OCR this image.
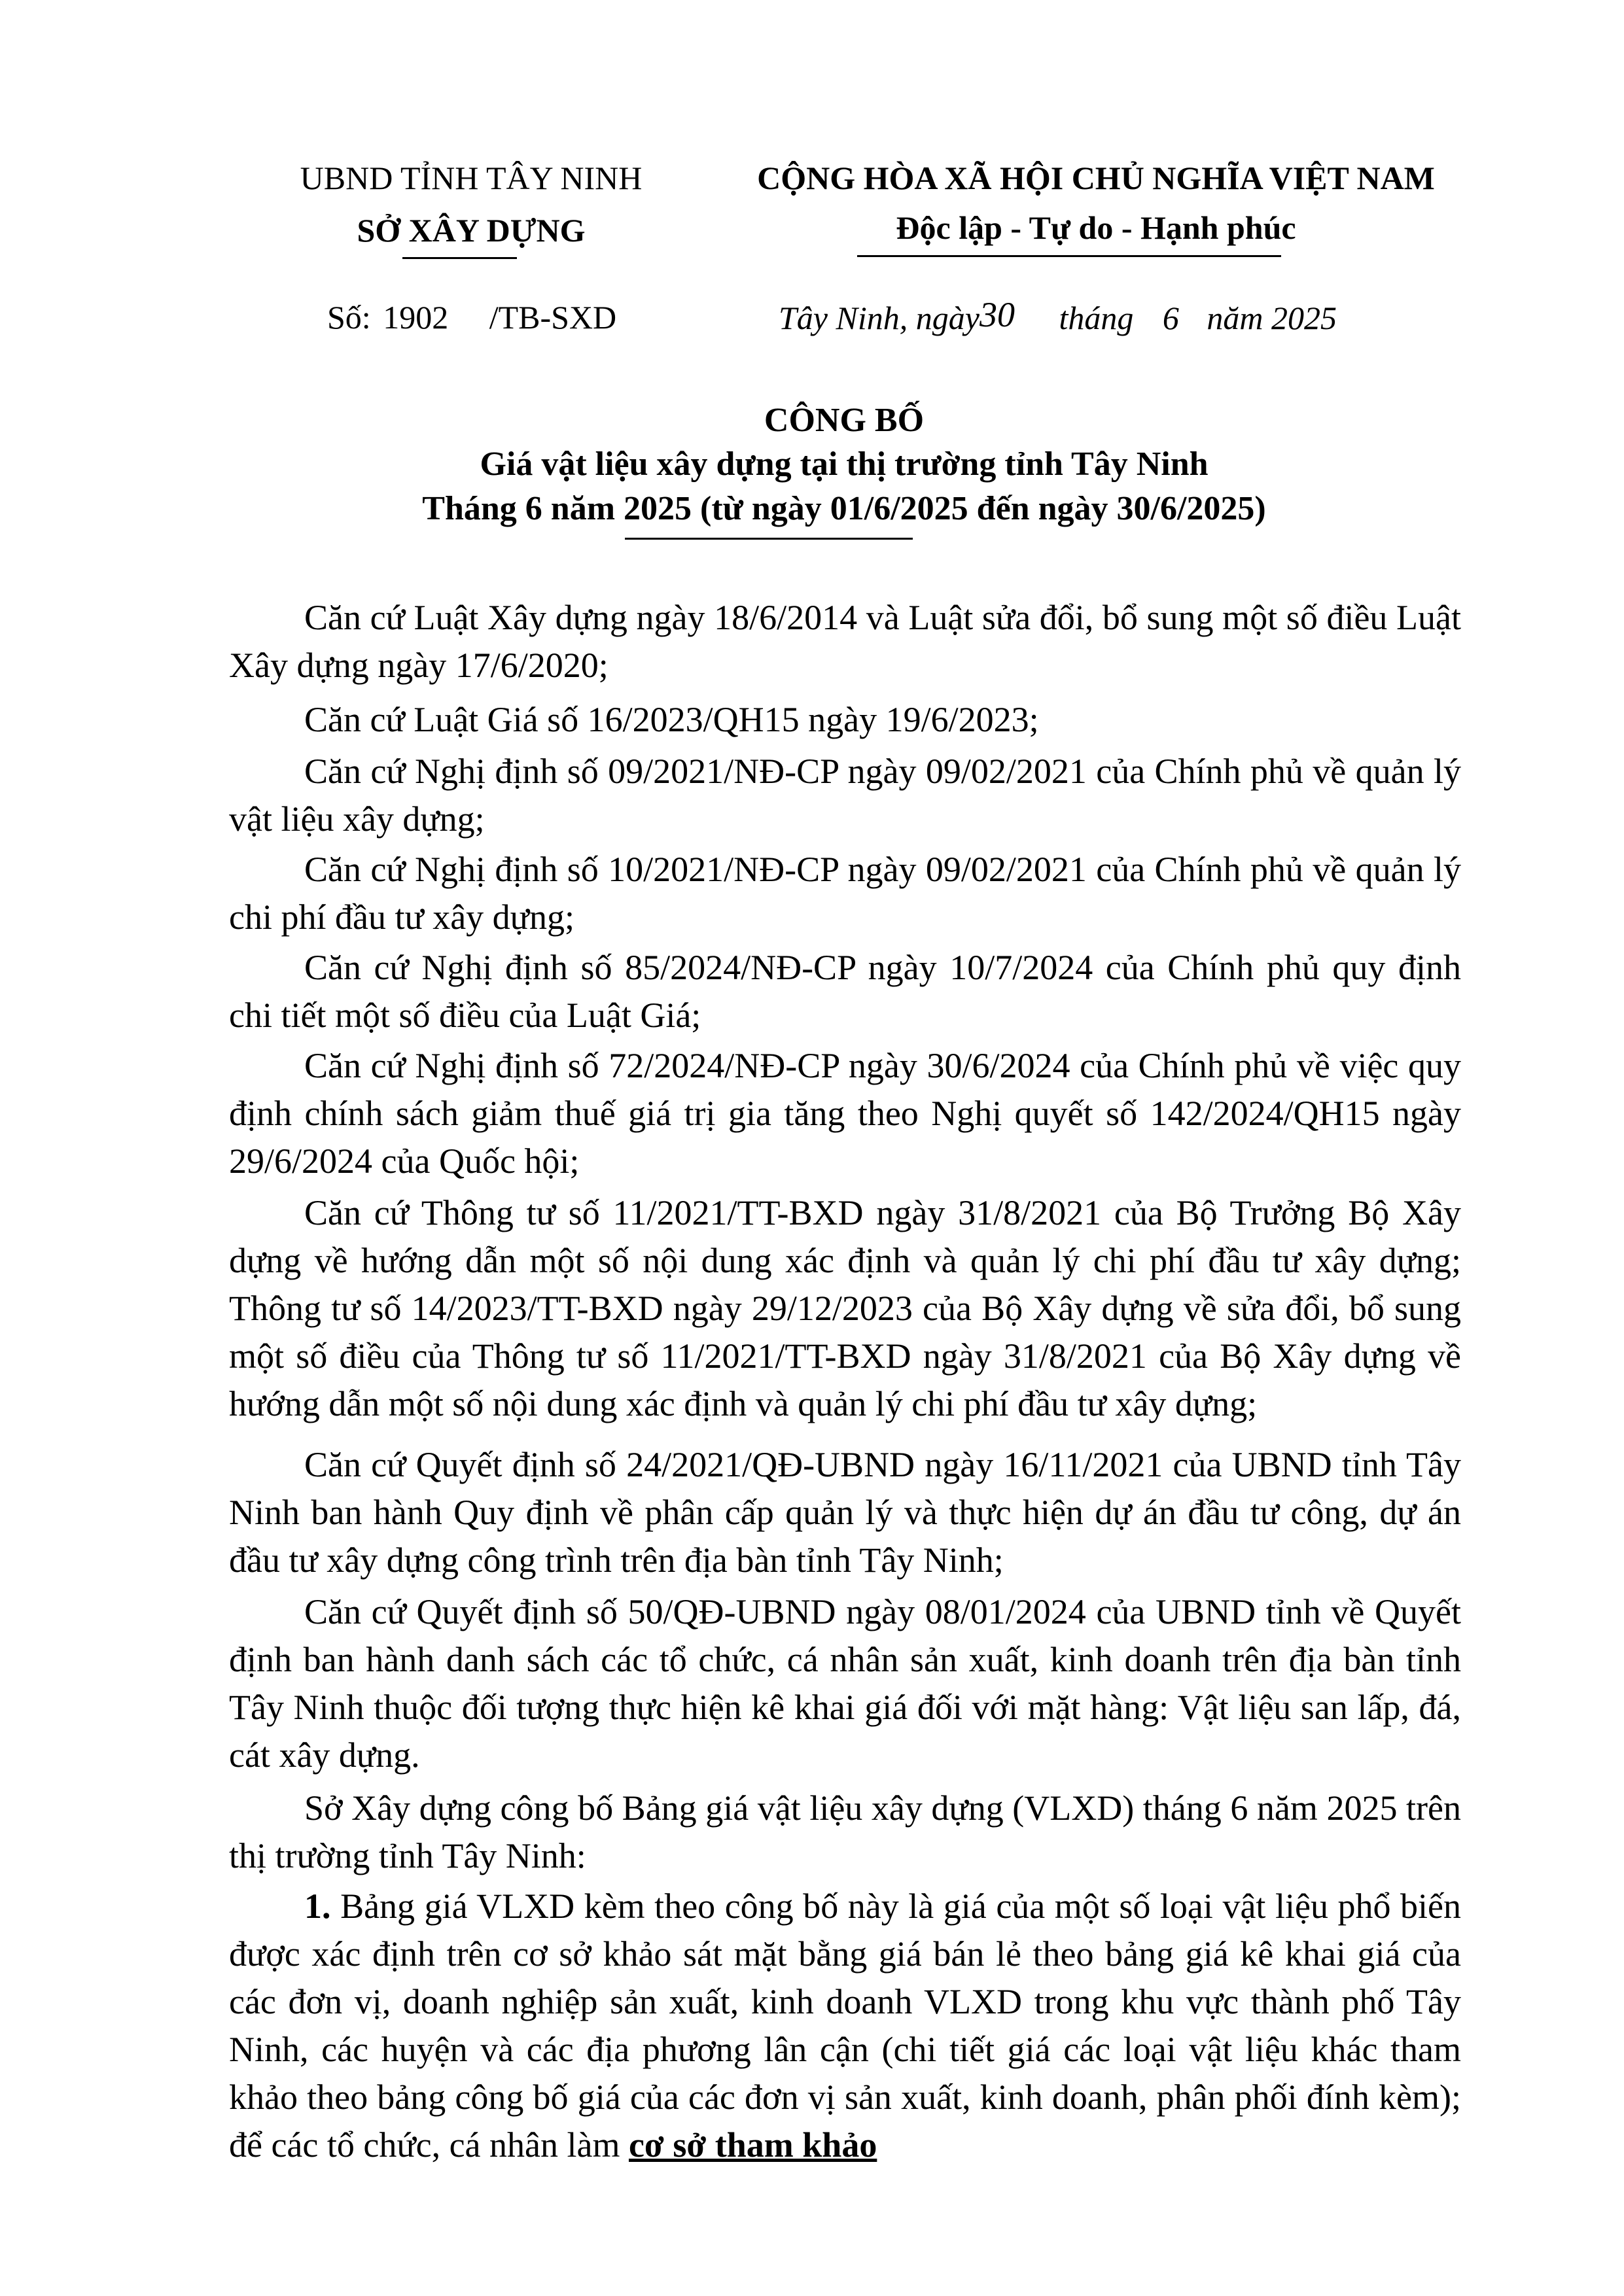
UBND TỈNH TÂY NINH
SỞ XÂY DỰNG
CỘNG HÒA XÃ HỘI CHỦ NGHĨA VIỆT NAM
Độc lập - Tự do - Hạnh phúc
Số: 1902 /TB-SXD	Tây Ninh, ngày30 tháng 6 năm 2025
CÔNG BỐ
Giá vật liệu xây dựng tại thị trường tỉnh Tây Ninh
Tháng 6 năm 2025 (từ ngày 01/6/2025 đến ngày 30/6/2025)
Căn cứ Luật Xây dựng ngày 18/6/2014 và Luật sửa đổi, bổ sung một số điều Luật Xây dựng ngày 17/6/2020;
Căn cứ Luật Giá số 16/2023/QH15 ngày 19/6/2023;
Căn cứ Nghị định số 09/2021/NĐ-CP ngày 09/02/2021 của Chính phủ về quản lý vật liệu xây dựng;
Căn cứ Nghị định số 10/2021/NĐ-CP ngày 09/02/2021 của Chính phủ về quản lý chi phí đầu tư xây dựng;
Căn cứ Nghị định số 85/2024/NĐ-CP ngày 10/7/2024 của Chính phủ quy định chi tiết một số điều của Luật Giá;
Căn cứ Nghị định số 72/2024/NĐ-CP ngày 30/6/2024 của Chính phủ về việc quy định chính sách giảm thuế giá trị gia tăng theo Nghị quyết số 142/2024/QH15 ngày 29/6/2024 của Quốc hội;
Căn cứ Thông tư số 11/2021/TT-BXD ngày 31/8/2021 của Bộ Trưởng Bộ Xây dựng về hướng dẫn một số nội dung xác định và quản lý chi phí đầu tư xây dựng; Thông tư số 14/2023/TT-BXD ngày 29/12/2023 của Bộ Xây dựng về sửa đổi, bổ sung một số điều của Thông tư số 11/2021/TT-BXD ngày 31/8/2021 của Bộ Xây dựng về hướng dẫn một số nội dung xác định và quản lý chi phí đầu tư xây dựng;
Căn cứ Quyết định số 24/2021/QĐ-UBND ngày 16/11/2021 của UBND tỉnh Tây Ninh ban hành Quy định về phân cấp quản lý và thực hiện dự án đầu tư công, dự án đầu tư xây dựng công trình trên địa bàn tỉnh Tây Ninh;
Căn cứ Quyết định số 50/QĐ-UBND ngày 08/01/2024 của UBND tỉnh về Quyết định ban hành danh sách các tổ chức, cá nhân sản xuất, kinh doanh trên địa bàn tỉnh Tây Ninh thuộc đối tượng thực hiện kê khai giá đối với mặt hàng: Vật liệu san lấp, đá, cát xây dựng.
Sở Xây dựng công bố Bảng giá vật liệu xây dựng (VLXD) tháng 6 năm 2025 trên thị trường tỉnh Tây Ninh:
1. Bảng giá VLXD kèm theo công bố này là giá của một số loại vật liệu phổ biến được xác định trên cơ sở khảo sát mặt bằng giá bán lẻ theo bảng giá kê khai giá của các đơn vị, doanh nghiệp sản xuất, kinh doanh VLXD trong khu vực thành phố Tây Ninh, các huyện và các địa phương lân cận (chi tiết giá các loại vật liệu khác tham khảo theo bảng công bố giá của các đơn vị sản xuất, kinh doanh, phân phối đính kèm); để các tổ chức, cá nhân làm cơ sở tham khảo
